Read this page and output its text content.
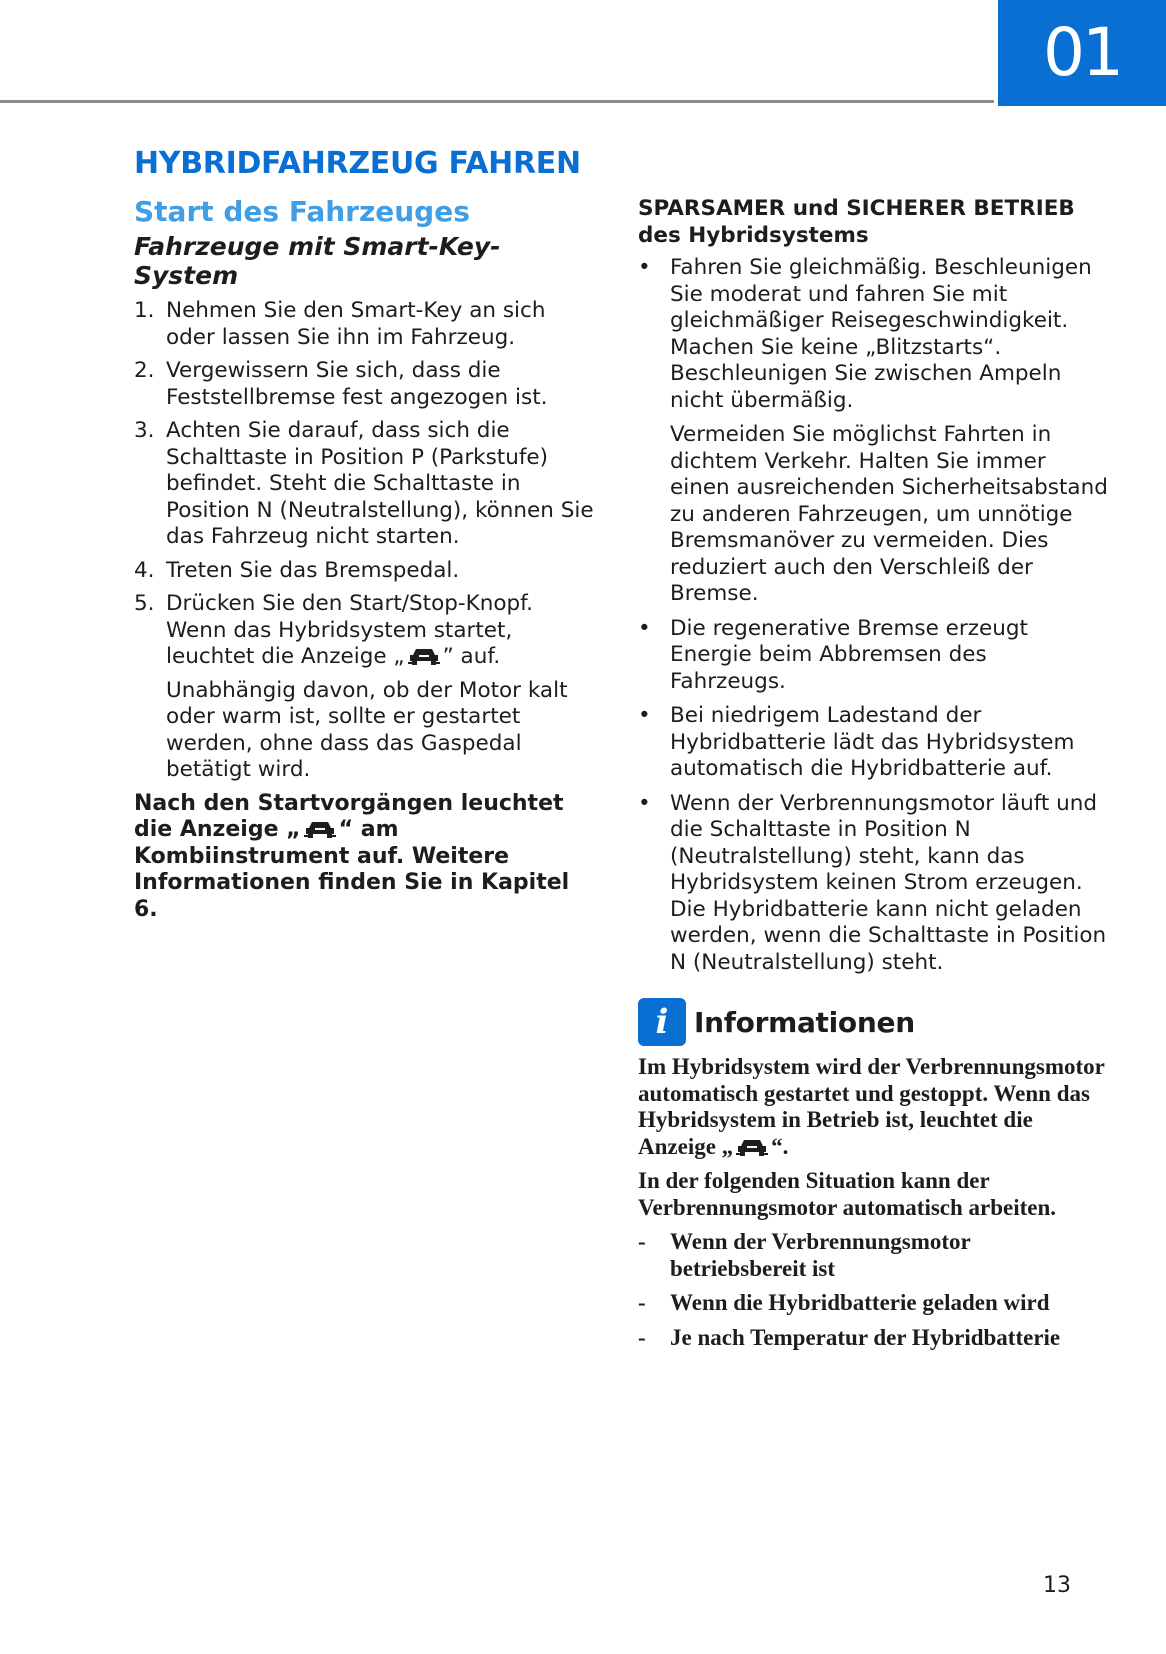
01
HYBRIDFAHRZEUG FAHREN
Start des Fahrzeuges
Fahrzeuge mit Smart-Key-System
1. Nehmen Sie den Smart-Key an sich oder lassen Sie ihn im Fahrzeug.

2. Vergewissern Sie sich, dass die Feststellbremse fest angezogen ist.

3. Achten Sie darauf, dass sich die Schalttaste in Position P (Parkstufe) befindet. Steht die Schalttaste in Position N (Neutralstellung), können Sie das Fahrzeug nicht starten.

4. Treten Sie das Bremspedal.

5. Drücken Sie den Start/Stop-Knopf. Wenn das Hybridsystem startet, leuchtet die Anzeige „ ” auf.

Unabhängig davon, ob der Motor kalt oder warm ist, sollte er gestartet werden, ohne dass das Gaspedal betätigt wird.

Nach den Startvorgängen leuchtet die Anzeige „ “ am Kombiinstrument auf. Weitere Informationen finden Sie in Kapitel 6.

SPARSAMER und SICHERER BETRIEB
des Hybridsystems
• Fahren Sie gleichmäßig. Beschleunigen Sie moderat und fahren Sie mit gleichmäßiger Reisegeschwindigkeit. Machen Sie keine „Blitzstarts“. Beschleunigen Sie zwischen Ampeln nicht übermäßig.

Vermeiden Sie möglichst Fahrten in dichtem Verkehr. Halten Sie immer einen ausreichenden Sicherheitsabstand zu anderen Fahrzeugen, um unnötige Bremsmanöver zu vermeiden. Dies reduziert auch den Verschleiß der Bremse.

• Die regenerative Bremse erzeugt Energie beim Abbremsen des Fahrzeugs.

• Bei niedrigem Ladestand der Hybridbatterie lädt das Hybridsystem automatisch die Hybridbatterie auf.

• Wenn der Verbrennungsmotor läuft und die Schalttaste in Position N (Neutralstellung) steht, kann das Hybridsystem keinen Strom erzeugen. Die Hybridbatterie kann nicht geladen werden, wenn die Schalttaste in Position N (Neutralstellung) steht.

i Informationen

Im Hybridsystem wird der Verbrennungsmotor automatisch gestartet und gestoppt. Wenn das Hybridsystem in Betrieb ist, leuchtet die Anzeige „ “.

In der folgenden Situation kann der Verbrennungsmotor automatisch arbeiten.

- Wenn der Verbrennungsmotor betriebsbereit ist
- Wenn die Hybridbatterie geladen wird
- Je nach Temperatur der Hybridbatterie
13
